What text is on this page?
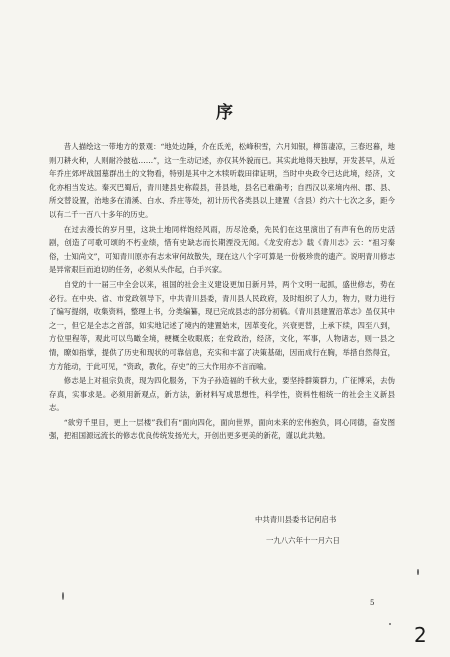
序

昔人描绘这一带地方的景观：“地处边陲，介在氐羌，松峰积雪，六月知银，柳笛凄凉，三春迟暮，地则刀耕火种，人则耐冷披毡……”，这一生动记述，亦仅其外貌而已。其实此地得天独厚，开发甚早，从近年乔庄郊坪战国墓群出土的文物看，特别是其中之木犊听载田律证明，当时中央政令已达此境，经济，文化亦相当发达。秦灭巴蜀后，青川建县史称葭县，昔县地，县名已难确考；自西汉以来境内州、郡、县、所交替设置，治地多在清溪、白水、乔庄等处，初计历代各类县以上建置（含县）约六十七次之多，距今以有二千一百八十多年的历史。

在过去漫长的岁月里，这块土地同样饱经风雨，历尽沧桑，先民们在这里演出了有声有色的历史活剧，创造了可歌可颂的不朽业绩，惜有史缺志而长期湮没无闻。《龙安府志》载《青川志》云：“祖习秦俗，士知尚文”，可知青川原亦有志未审何故散失，现在这八个字可算是一份极珍贵的遗产。说明青川修志是异常艰巨而迫切的任务，必须从头作起，白手兴家。

自党的十一届三中全会以来，祖国的社会主义建设更加日新月异，两个文明一起抓，盛世修志，势在必行。在中央、省、市党政领导下，中共青川县委，青川县人民政府，及时组织了人力，物力，财力进行了编写提纲，收集资料，整理上书，分类编纂，现已完成县志的部分初稿。《青川县建置沿革志》虽仅其中之一，但它是全志之首部，如实地记述了境内的建置始末，因革变化，兴衰更替，上承下续，四至八到，方位里程等，观此可以鸟瞰全境，梗概全收眼底；在党政治，经济，文化，军事，人物诸志，则一县之情，瞭如指掌，提供了历史和现状的可靠信息，充实和丰富了决策基础，因而成行在胸，举措自然得宜，方方能动，于此可见，“资政，教化，存史”的三大作用亦不言而喻。

修志是上对祖宗负责，现为四化服务，下为子孙造福的千秋大业，要坚持群策群力，广征博采，去伪存真，实事求是。必须用新观点，新方法，新材料写成思想性，科学性，资料性相统一的社会主义新县志。

“欲穷千里目，更上一层楼”我们有“面向四化，面向世界，面向未来的宏伟抱负，同心同德，奋发图强，把祖国源远流长的修志优良传统发扬光大，开创出更多更美的新花，谨以此共勉。

中共青川县委书记何启书
一九八六年十一月六日
5
2
